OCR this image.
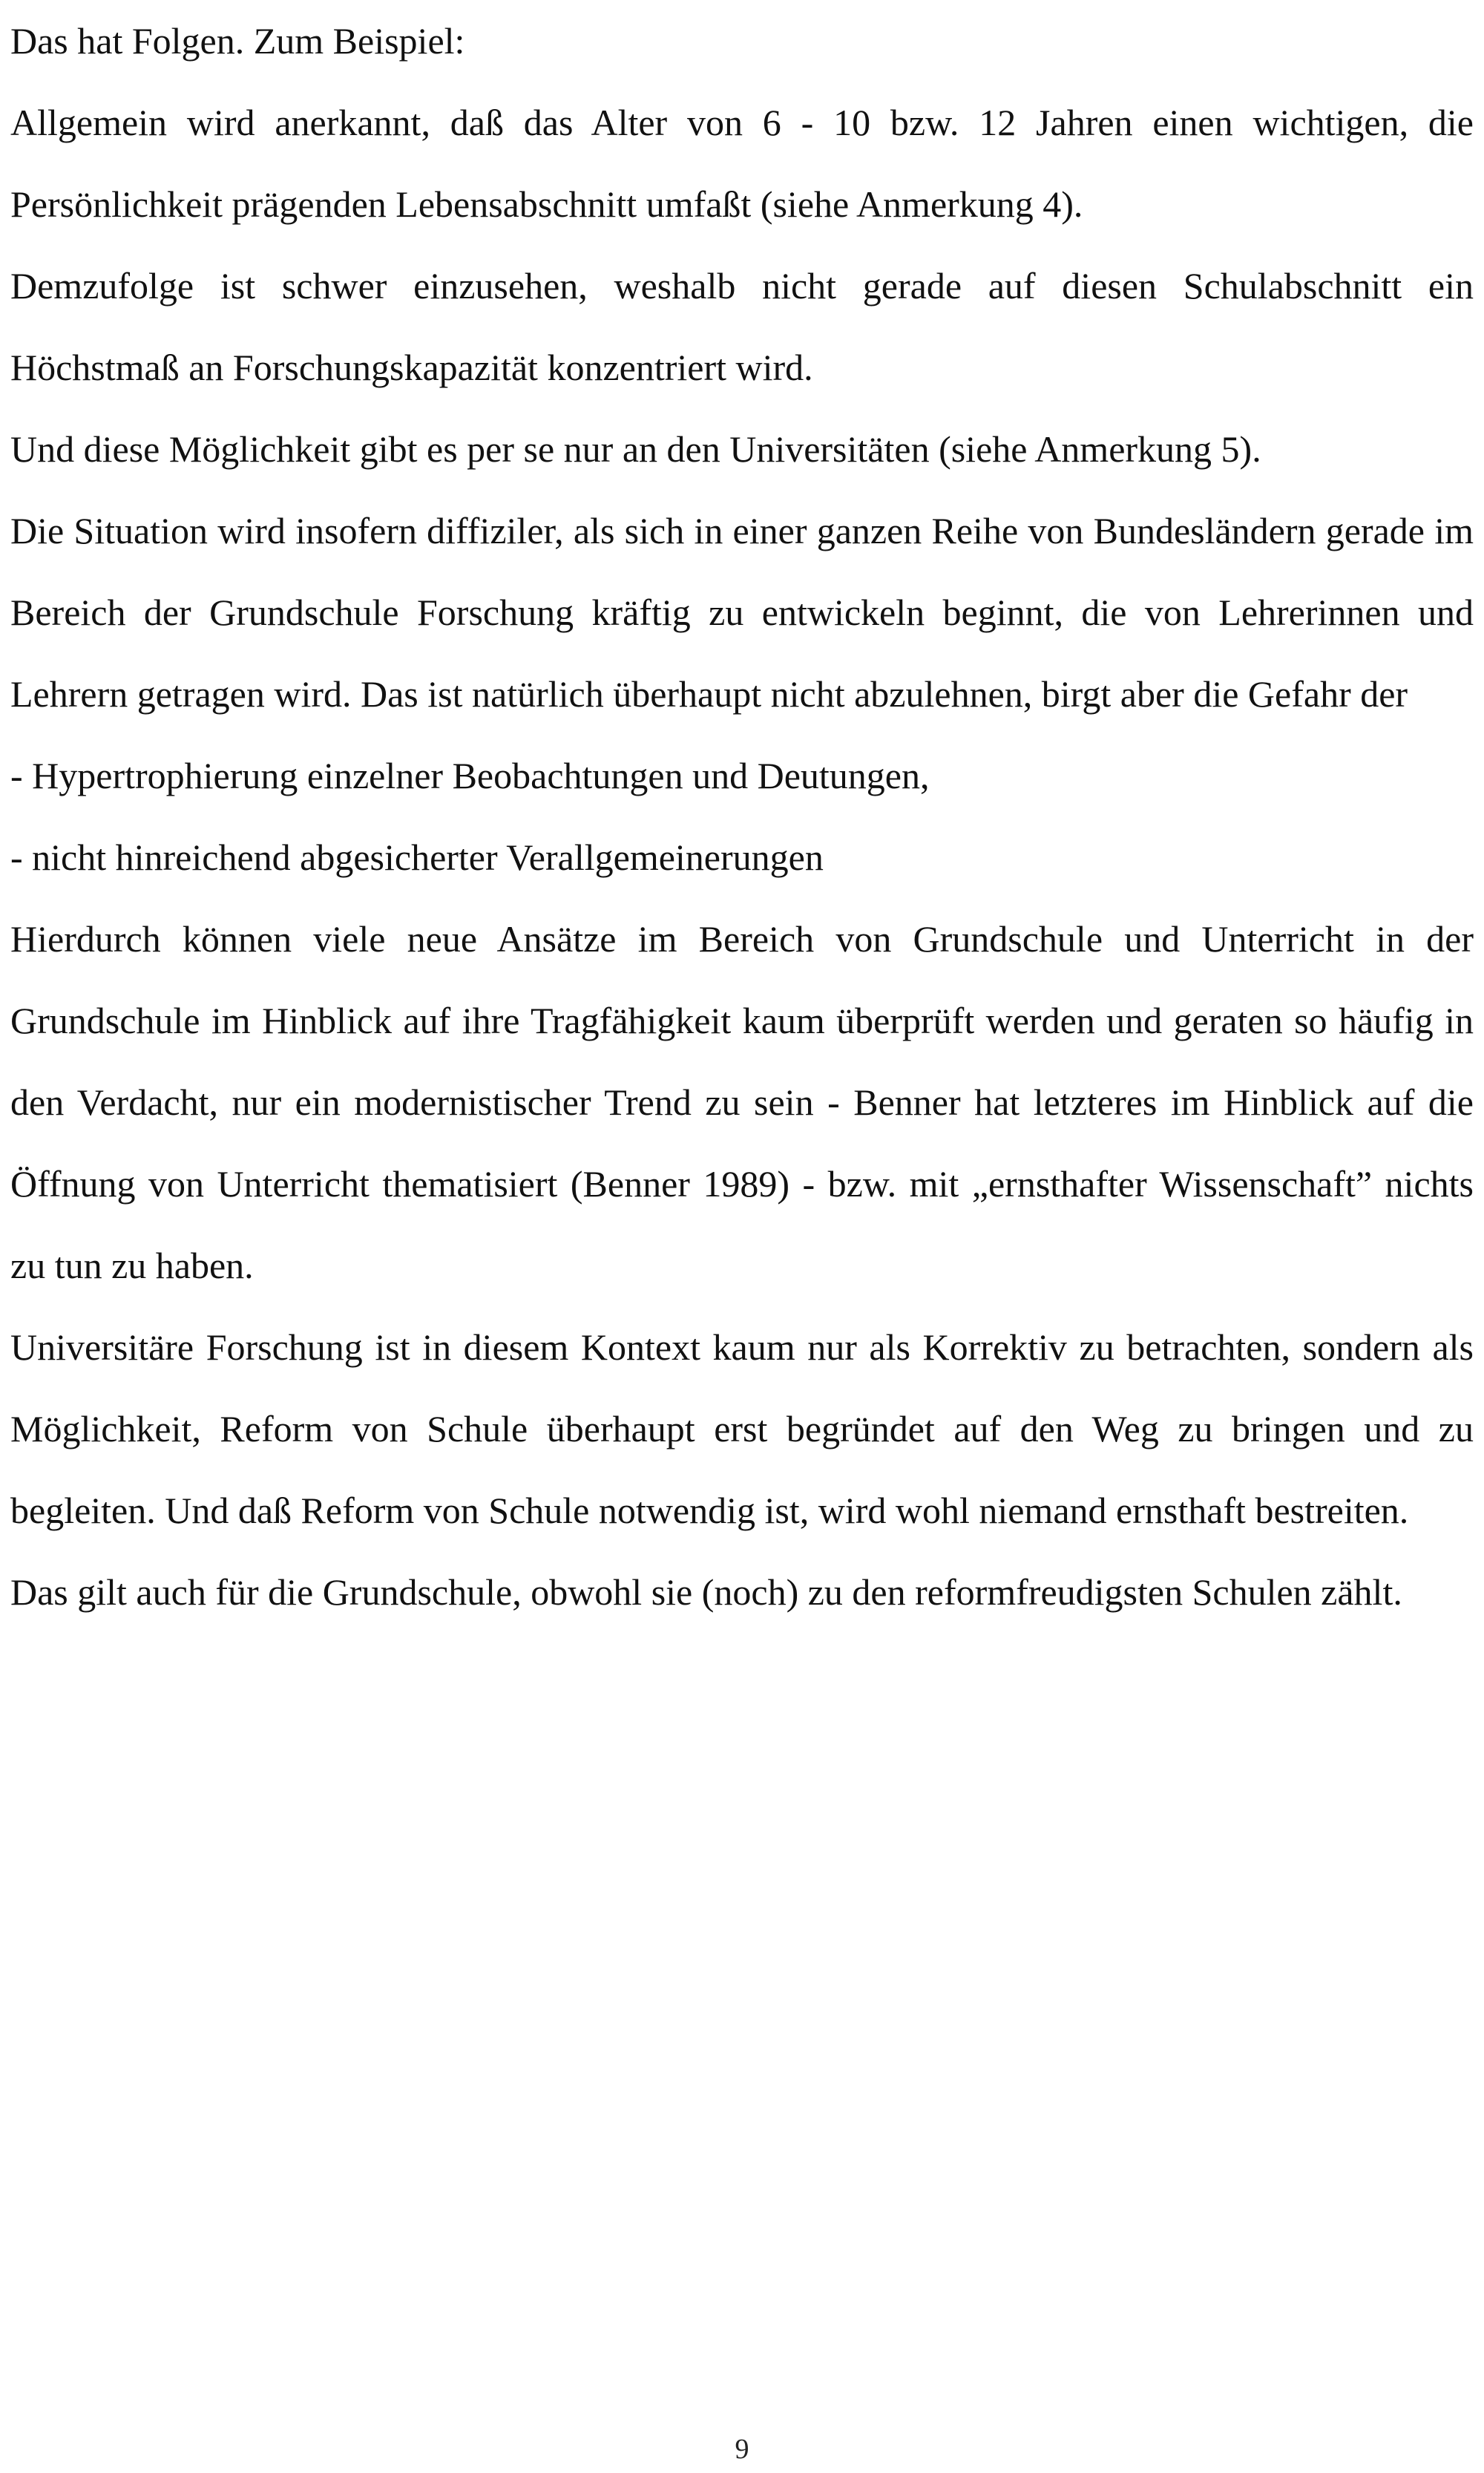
Das hat Folgen. Zum Beispiel:

Allgemein wird anerkannt, daß das Alter von 6 - 10 bzw. 12 Jahren einen wichtigen, die Persönlichkeit prägenden Lebensabschnitt umfaßt (siehe Anmerkung 4).

Demzufolge ist schwer einzusehen, weshalb nicht gerade auf diesen Schulabschnitt ein Höchstmaß an Forschungskapazität konzentriert wird.

Und diese Möglichkeit gibt es per se nur an den Universitäten (siehe Anmerkung 5).

Die Situation wird insofern diffiziler, als sich in einer ganzen Reihe von Bundesländern gerade im Bereich der Grundschule Forschung kräftig zu entwickeln beginnt, die von Lehrerinnen und Lehrern getragen wird. Das ist natürlich überhaupt nicht abzulehnen, birgt aber die Gefahr der

- Hypertrophierung einzelner Beobachtungen und Deutungen,

- nicht hinreichend abgesicherter Verallgemeinerungen

Hierdurch können viele neue Ansätze im Bereich von Grundschule und Unterricht in der Grundschule im Hinblick auf ihre Tragfähigkeit kaum überprüft werden und geraten so häufig in den Verdacht, nur ein modernistischer Trend zu sein - Benner hat letzteres im Hinblick auf die Öffnung von Unterricht thematisiert (Benner 1989) - bzw. mit „ernsthafter Wissenschaft” nichts zu tun zu haben.

Universitäre Forschung ist in diesem Kontext kaum nur als Korrektiv zu betrachten, sondern als Möglichkeit, Reform von Schule überhaupt erst begründet auf den Weg zu bringen und zu begleiten. Und daß Reform von Schule notwendig ist, wird wohl niemand ernsthaft bestreiten.

Das gilt auch für die Grundschule, obwohl sie (noch) zu den reformfreudigsten Schulen zählt.

9
